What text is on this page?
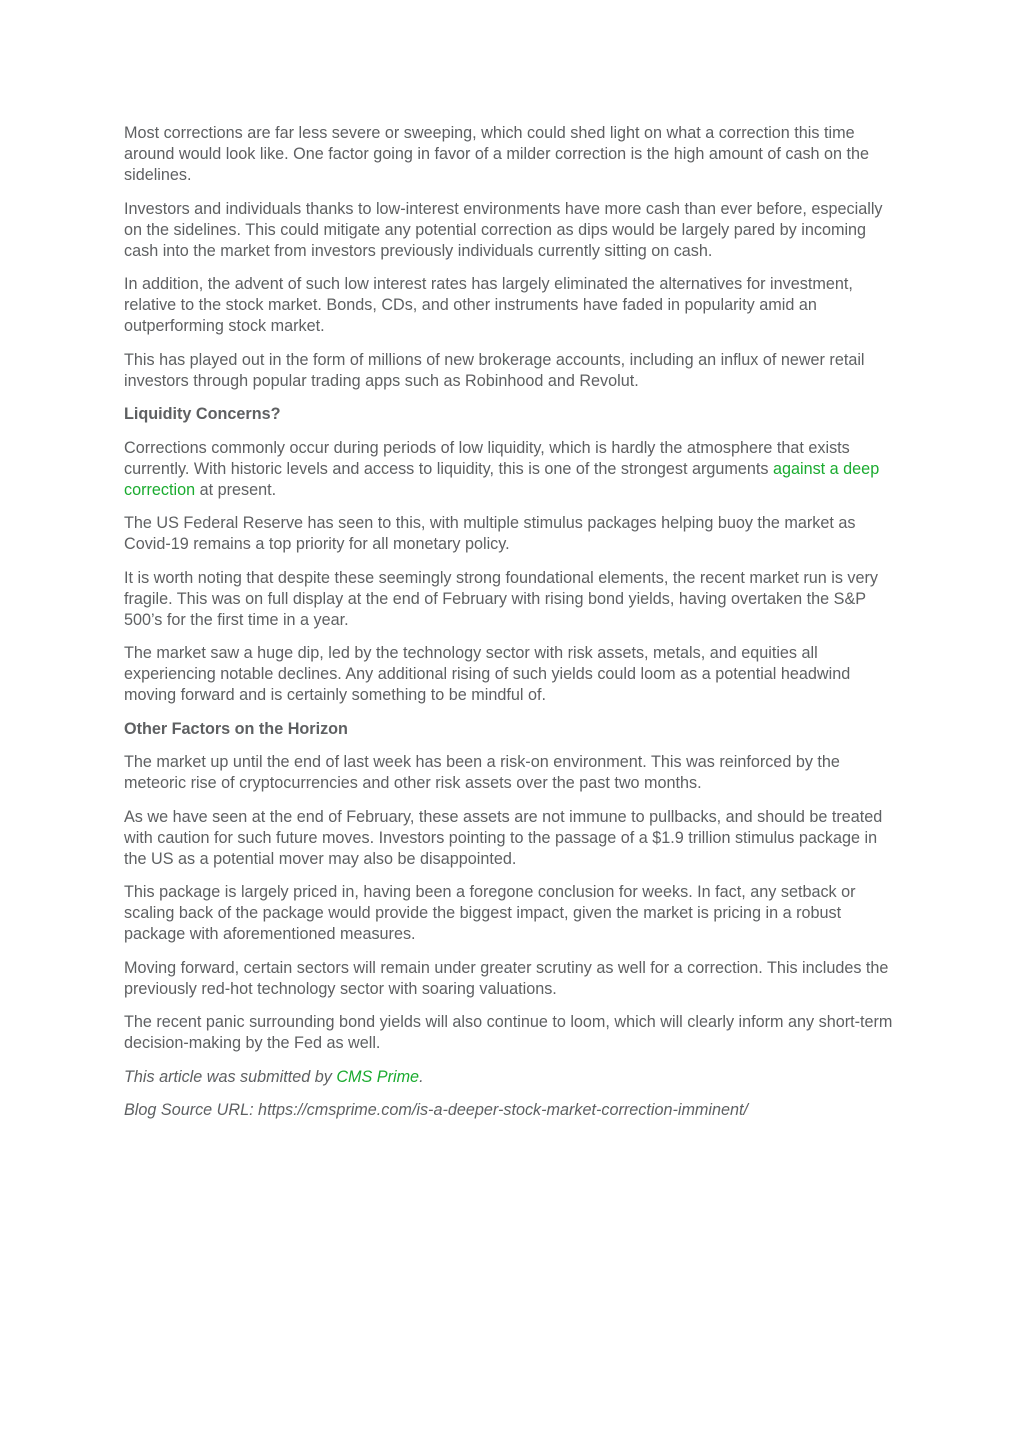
Most corrections are far less severe or sweeping, which could shed light on what a correction this time around would look like. One factor going in favor of a milder correction is the high amount of cash on the sidelines.

Investors and individuals thanks to low-interest environments have more cash than ever before, especially on the sidelines. This could mitigate any potential correction as dips would be largely pared by incoming cash into the market from investors previously individuals currently sitting on cash.

In addition, the advent of such low interest rates has largely eliminated the alternatives for investment, relative to the stock market. Bonds, CDs, and other instruments have faded in popularity amid an outperforming stock market.

This has played out in the form of millions of new brokerage accounts, including an influx of newer retail investors through popular trading apps such as Robinhood and Revolut.

Liquidity Concerns?

Corrections commonly occur during periods of low liquidity, which is hardly the atmosphere that exists currently. With historic levels and access to liquidity, this is one of the strongest arguments against a deep correction at present.

The US Federal Reserve has seen to this, with multiple stimulus packages helping buoy the market as Covid-19 remains a top priority for all monetary policy.

It is worth noting that despite these seemingly strong foundational elements, the recent market run is very fragile. This was on full display at the end of February with rising bond yields, having overtaken the S&P 500’s for the first time in a year.

The market saw a huge dip, led by the technology sector with risk assets, metals, and equities all experiencing notable declines. Any additional rising of such yields could loom as a potential headwind moving forward and is certainly something to be mindful of.

Other Factors on the Horizon

The market up until the end of last week has been a risk-on environment. This was reinforced by the meteoric rise of cryptocurrencies and other risk assets over the past two months.

As we have seen at the end of February, these assets are not immune to pullbacks, and should be treated with caution for such future moves. Investors pointing to the passage of a $1.9 trillion stimulus package in the US as a potential mover may also be disappointed.

This package is largely priced in, having been a foregone conclusion for weeks. In fact, any setback or scaling back of the package would provide the biggest impact, given the market is pricing in a robust package with aforementioned measures.

Moving forward, certain sectors will remain under greater scrutiny as well for a correction. This includes the previously red-hot technology sector with soaring valuations.

The recent panic surrounding bond yields will also continue to loom, which will clearly inform any short-term decision-making by the Fed as well.

This article was submitted by CMS Prime.

Blog Source URL: https://cmsprime.com/is-a-deeper-stock-market-correction-imminent/
